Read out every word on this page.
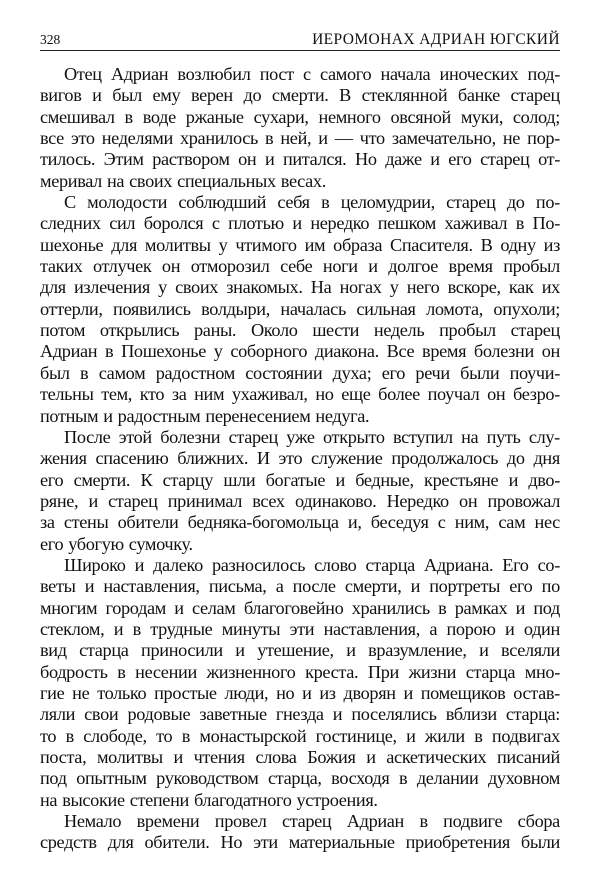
328	ИЕРОМОНАХ АДРИАН ЮГСКИЙ
Отец Адриан возлюбил пост с самого начала иноческих под-
вигов и был ему верен до смерти. В стеклянной банке старец
смешивал в воде ржаные сухари, немного овсяной муки, солод;
все это неделями хранилось в ней, и — что замечательно, не пор-
тилось. Этим раствором он и питался. Но даже и его старец от-
меривал на своих специальных весах.
С молодости соблюдший себя в целомудрии, старец до по-
следних сил боролся с плотью и нередко пешком хаживал в По-
шехонье для молитвы у чтимого им образа Спасителя. В одну из
таких отлучек он отморозил себе ноги и долгое время пробыл
для излечения у своих знакомых. На ногах у него вскоре, как их
оттерли, появились волдыри, началась сильная ломота, опухоли;
потом открылись раны. Около шести недель пробыл старец
Адриан в Пошехонье у соборного диакона. Все время болезни он
был в самом радостном состоянии духа; его речи были поучи-
тельны тем, кто за ним ухаживал, но еще более поучал он безро-
потным и радостным перенесением недуга.
После этой болезни старец уже открыто вступил на путь слу-
жения спасению ближних. И это служение продолжалось до дня
его смерти. К старцу шли богатые и бедные, крестьяне и дво-
ряне, и старец принимал всех одинаково. Нередко он провожал
за стены обители бедняка-богомольца и, беседуя с ним, сам нес
его убогую сумочку.
Широко и далеко разносилось слово старца Адриана. Его со-
веты и наставления, письма, а после смерти, и портреты его по
многим городам и селам благоговейно хранились в рамках и под
стеклом, и в трудные минуты эти наставления, а порою и один
вид старца приносили и утешение, и вразумление, и вселяли
бодрость в несении жизненного креста. При жизни старца мно-
гие не только простые люди, но и из дворян и помещиков остав-
ляли свои родовые заветные гнезда и поселялись вблизи старца:
то в слободе, то в монастырской гостинице, и жили в подвигах
поста, молитвы и чтения слова Божия и аскетических писаний
под опытным руководством старца, восходя в делании духовном
на высокие степени благодатного устроения.
Немало времени провел старец Адриан в подвиге сбора
средств для обители. Но эти материальные приобретения были
